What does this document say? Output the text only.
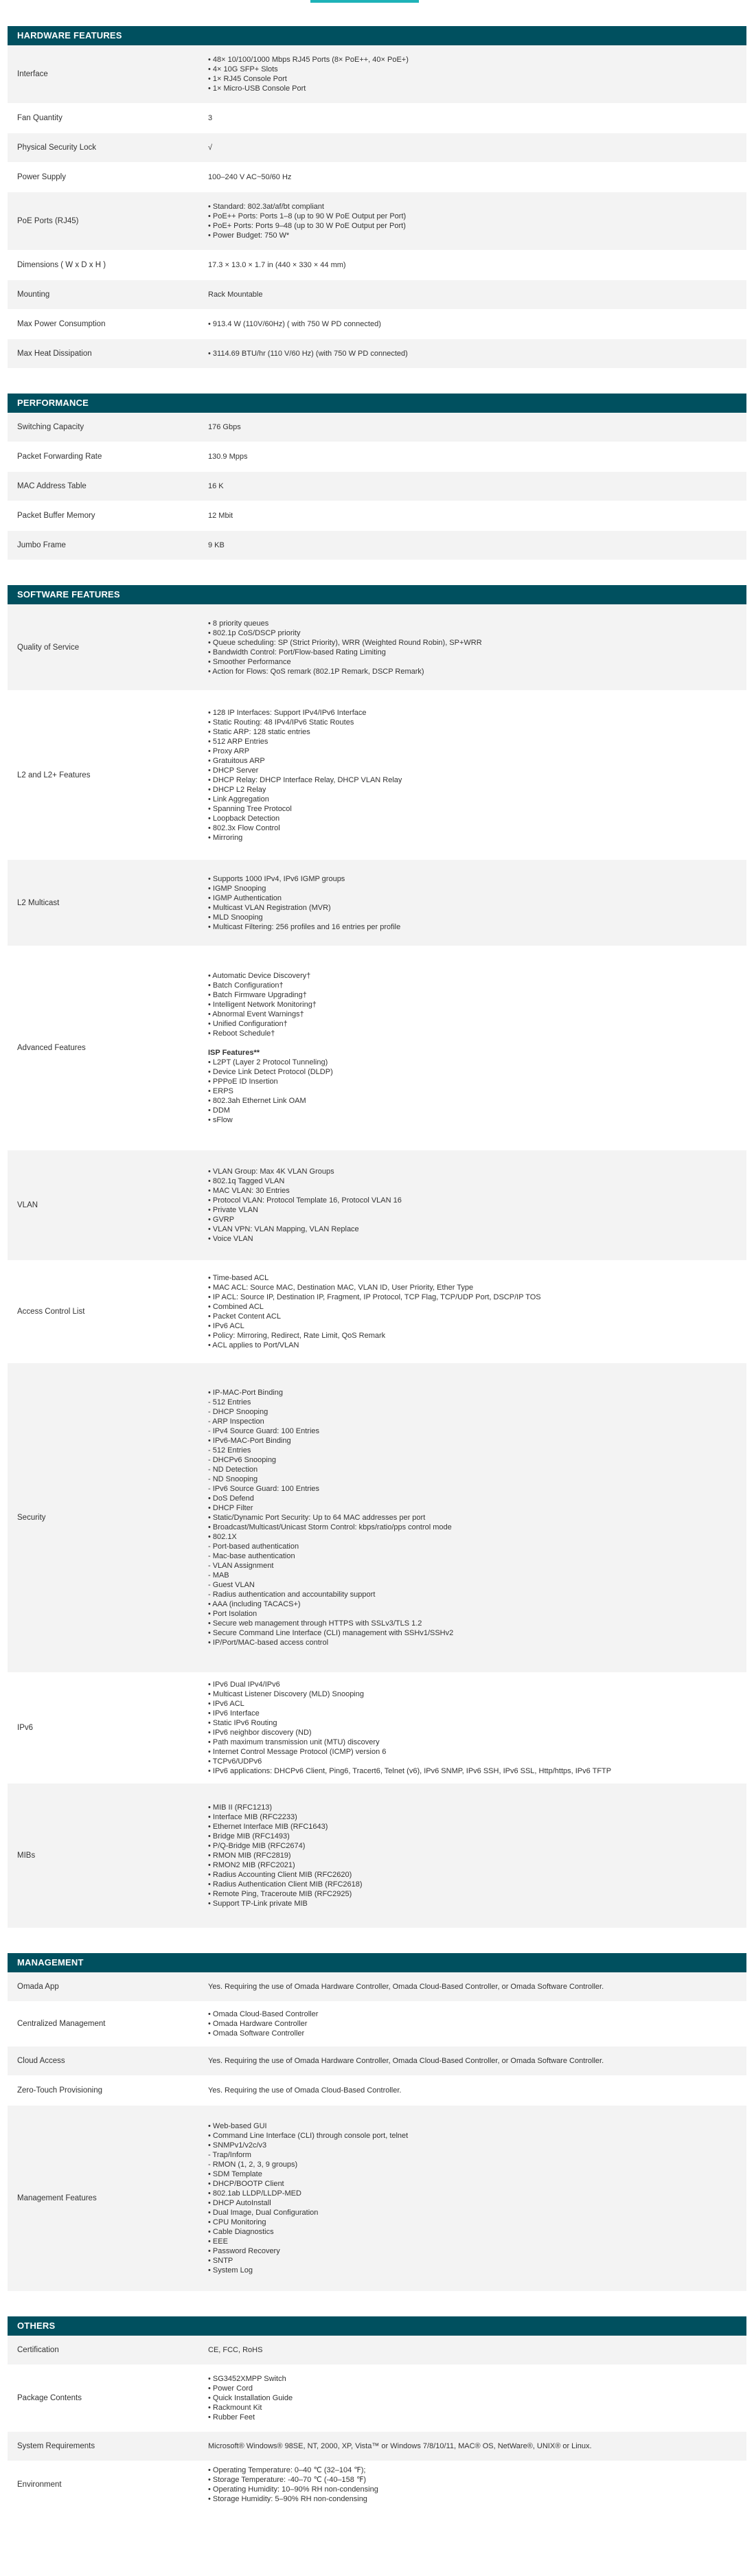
HARDWARE FEATURES
Interface
• 48× 10/100/1000 Mbps RJ45 Ports (8× PoE++, 40× PoE+)
• 4× 10G SFP+ Slots
• 1× RJ45 Console Port
• 1× Micro-USB Console Port
Fan Quantity	3
Physical Security Lock	√
Power Supply	100–240 V AC~50/60 Hz
PoE Ports (RJ45)
• Standard: 802.3at/af/bt compliant
• PoE++ Ports: Ports 1–8 (up to 90 W PoE Output per Port)
• PoE+ Ports: Ports 9–48 (up to 30 W PoE Output per Port)
• Power Budget: 750 W*
Dimensions ( W x D x H )	17.3 × 13.0 × 1.7 in (440 × 330 × 44 mm)
Mounting	Rack Mountable
Max Power Consumption	• 913.4 W (110V/60Hz) ( with 750 W PD connected)
Max Heat Dissipation	• 3114.69 BTU/hr (110 V/60 Hz) (with 750 W PD connected)
PERFORMANCE
Switching Capacity	176 Gbps
Packet Forwarding Rate	130.9 Mpps
MAC Address Table	16 K
Packet Buffer Memory	12 Mbit
Jumbo Frame	9 KB
SOFTWARE FEATURES
Quality of Service
• 8 priority queues
• 802.1p CoS/DSCP priority
• Queue scheduling: SP (Strict Priority), WRR (Weighted Round Robin), SP+WRR
• Bandwidth Control: Port/Flow-based Rating Limiting
• Smoother Performance
• Action for Flows: QoS remark (802.1P Remark, DSCP Remark)
L2 and L2+ Features
• 128 IP Interfaces: Support IPv4/IPv6 Interface
• Static Routing: 48 IPv4/IPv6 Static Routes
• Static ARP: 128 static entries
• 512 ARP Entries
• Proxy ARP
• Gratuitous ARP
• DHCP Server
• DHCP Relay: DHCP Interface Relay, DHCP VLAN Relay
• DHCP L2 Relay
• Link Aggregation
• Spanning Tree Protocol
• Loopback Detection
• 802.3x Flow Control
• Mirroring
L2 Multicast
• Supports 1000 IPv4, IPv6 IGMP groups
• IGMP Snooping
• IGMP Authentication
• Multicast VLAN Registration (MVR)
• MLD Snooping
• Multicast Filtering: 256 profiles and 16 entries per profile
Advanced Features
• Automatic Device Discovery†
• Batch Configuration†
• Batch Firmware Upgrading†
• Intelligent Network Monitoring†
• Abnormal Event Warnings†
• Unified Configuration†
• Reboot Schedule†

ISP Features**
• L2PT (Layer 2 Protocol Tunneling)
• Device Link Detect Protocol (DLDP)
• PPPoE ID Insertion
• ERPS
• 802.3ah Ethernet Link OAM
• DDM
• sFlow
VLAN
• VLAN Group: Max 4K VLAN Groups
• 802.1q Tagged VLAN
• MAC VLAN: 30 Entries
• Protocol VLAN: Protocol Template 16, Protocol VLAN 16
• Private VLAN
• GVRP
• VLAN VPN: VLAN Mapping, VLAN Replace
• Voice VLAN
Access Control List
• Time-based ACL
• MAC ACL: Source MAC, Destination MAC, VLAN ID, User Priority, Ether Type
• IP ACL: Source IP, Destination IP, Fragment, IP Protocol, TCP Flag, TCP/UDP Port, DSCP/IP TOS
• Combined ACL
• Packet Content ACL
• IPv6 ACL
• Policy: Mirroring, Redirect, Rate Limit, QoS Remark
• ACL applies to Port/VLAN
Security
• IP-MAC-Port Binding
- 512 Entries
- DHCP Snooping
- ARP Inspection
- IPv4 Source Guard: 100 Entries
• IPv6-MAC-Port Binding
- 512 Entries
- DHCPv6 Snooping
- ND Detection
- ND Snooping
- IPv6 Source Guard: 100 Entries
• DoS Defend
• DHCP Filter
• Static/Dynamic Port Security: Up to 64 MAC addresses per port
• Broadcast/Multicast/Unicast Storm Control: kbps/ratio/pps control mode
• 802.1X
- Port-based authentication
- Mac-base authentication
- VLAN Assignment
- MAB
- Guest VLAN
- Radius authentication and accountability support
• AAA (including TACACS+)
• Port Isolation
• Secure web management through HTTPS with SSLv3/TLS 1.2
• Secure Command Line Interface (CLI) management with SSHv1/SSHv2
• IP/Port/MAC-based access control
IPv6
• IPv6 Dual IPv4/IPv6
• Multicast Listener Discovery (MLD) Snooping
• IPv6 ACL
• IPv6 Interface
• Static IPv6 Routing
• IPv6 neighbor discovery (ND)
• Path maximum transmission unit (MTU) discovery
• Internet Control Message Protocol (ICMP) version 6
• TCPv6/UDPv6
• IPv6 applications: DHCPv6 Client, Ping6, Tracert6, Telnet (v6), IPv6 SNMP, IPv6 SSH, IPv6 SSL, Http/https, IPv6 TFTP
MIBs
• MIB II (RFC1213)
• Interface MIB (RFC2233)
• Ethernet Interface MIB (RFC1643)
• Bridge MIB (RFC1493)
• P/Q-Bridge MIB (RFC2674)
• RMON MIB (RFC2819)
• RMON2 MIB (RFC2021)
• Radius Accounting Client MIB (RFC2620)
• Radius Authentication Client MIB (RFC2618)
• Remote Ping, Traceroute MIB (RFC2925)
• Support TP-Link private MIB
MANAGEMENT
Omada App	Yes. Requiring the use of Omada Hardware Controller, Omada Cloud-Based Controller, or Omada Software Controller.
Centralized Management
• Omada Cloud-Based Controller
• Omada Hardware Controller
• Omada Software Controller
Cloud Access	Yes. Requiring the use of Omada Hardware Controller, Omada Cloud-Based Controller, or Omada Software Controller.
Zero-Touch Provisioning	Yes. Requiring the use of Omada Cloud-Based Controller.
Management Features
• Web-based GUI
• Command Line Interface (CLI) through console port, telnet
• SNMPv1/v2c/v3
- Trap/Inform
- RMON (1, 2, 3, 9 groups)
• SDM Template
• DHCP/BOOTP Client
• 802.1ab LLDP/LLDP-MED
• DHCP AutoInstall
• Dual Image, Dual Configuration
• CPU Monitoring
• Cable Diagnostics
• EEE
• Password Recovery
• SNTP
• System Log
OTHERS
Certification	CE, FCC, RoHS
Package Contents
• SG3452XMPP Switch
• Power Cord
• Quick Installation Guide
• Rackmount Kit
• Rubber Feet
System Requirements	Microsoft® Windows® 98SE, NT, 2000, XP, Vista™ or Windows 7/8/10/11, MAC® OS, NetWare®, UNIX® or Linux.
Environment
• Operating Temperature: 0–40 ℃ (32–104 ℉);
• Storage Temperature: -40–70 ℃ (-40–158 ℉)
• Operating Humidity: 10–90% RH non-condensing
• Storage Humidity: 5–90% RH non-condensing
